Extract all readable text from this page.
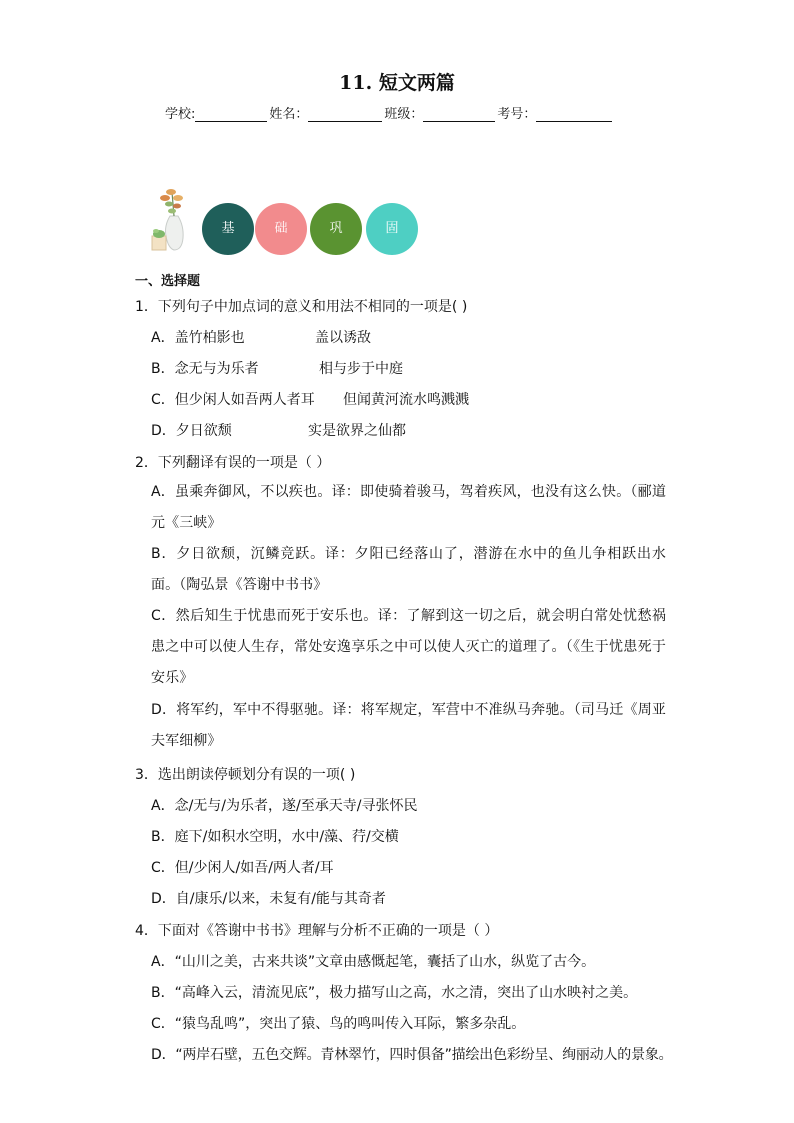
11. 短文两篇
学校:	姓名：	班级：	考号：
基	础	巩	固
一、选择题
1．下列句子中加点词的意义和用法不相同的一项是( )
A．盖竹柏影也	盖以诱敌
B．念无与为乐者	相与步于中庭
C．但少闲人如吾两人者耳 但闻黄河流水鸣溅溅
D．夕日欲颓	实是欲界之仙都
2．下列翻译有误的一项是（ ）
A．虽乘奔御风，不以疾也。译：即使骑着骏马，驾着疾风，也没有这么快。（郦道元《三峡》
B．夕日欲颓，沉鳞竞跃。译：夕阳已经落山了，潜游在水中的鱼儿争相跃出水面。（陶弘景《答谢中书书》
C．然后知生于忧患而死于安乐也。译：了解到这一切之后，就会明白常处忧愁祸患之中可以使人生存，常处安逸享乐之中可以使人灭亡的道理了。（《生于忧患死于安乐》
D．将军约，军中不得驱驰。译：将军规定，军营中不准纵马奔驰。（司马迁《周亚夫军细柳》
3．选出朗读停顿划分有误的一项( )
A．念/无与/为乐者，遂/至承天寺/寻张怀民
B．庭下/如积水空明，水中/藻、荇/交横
C．但/少闲人/如吾/两人者/耳
D．自/康乐/以来，未复有/能与其奇者
4．下面对《答谢中书书》理解与分析不正确的一项是（ ）
A．“山川之美，古来共谈”文章由感慨起笔，囊括了山水，纵览了古今。
B．“高峰入云，清流见底”，极力描写山之高，水之清，突出了山水映衬之美。
C．“猿鸟乱鸣”，突出了猿、鸟的鸣叫传入耳际，繁多杂乱。
D．“两岸石壁，五色交辉。青林翠竹，四时俱备”描绘出色彩纷呈、绚丽动人的景象。
